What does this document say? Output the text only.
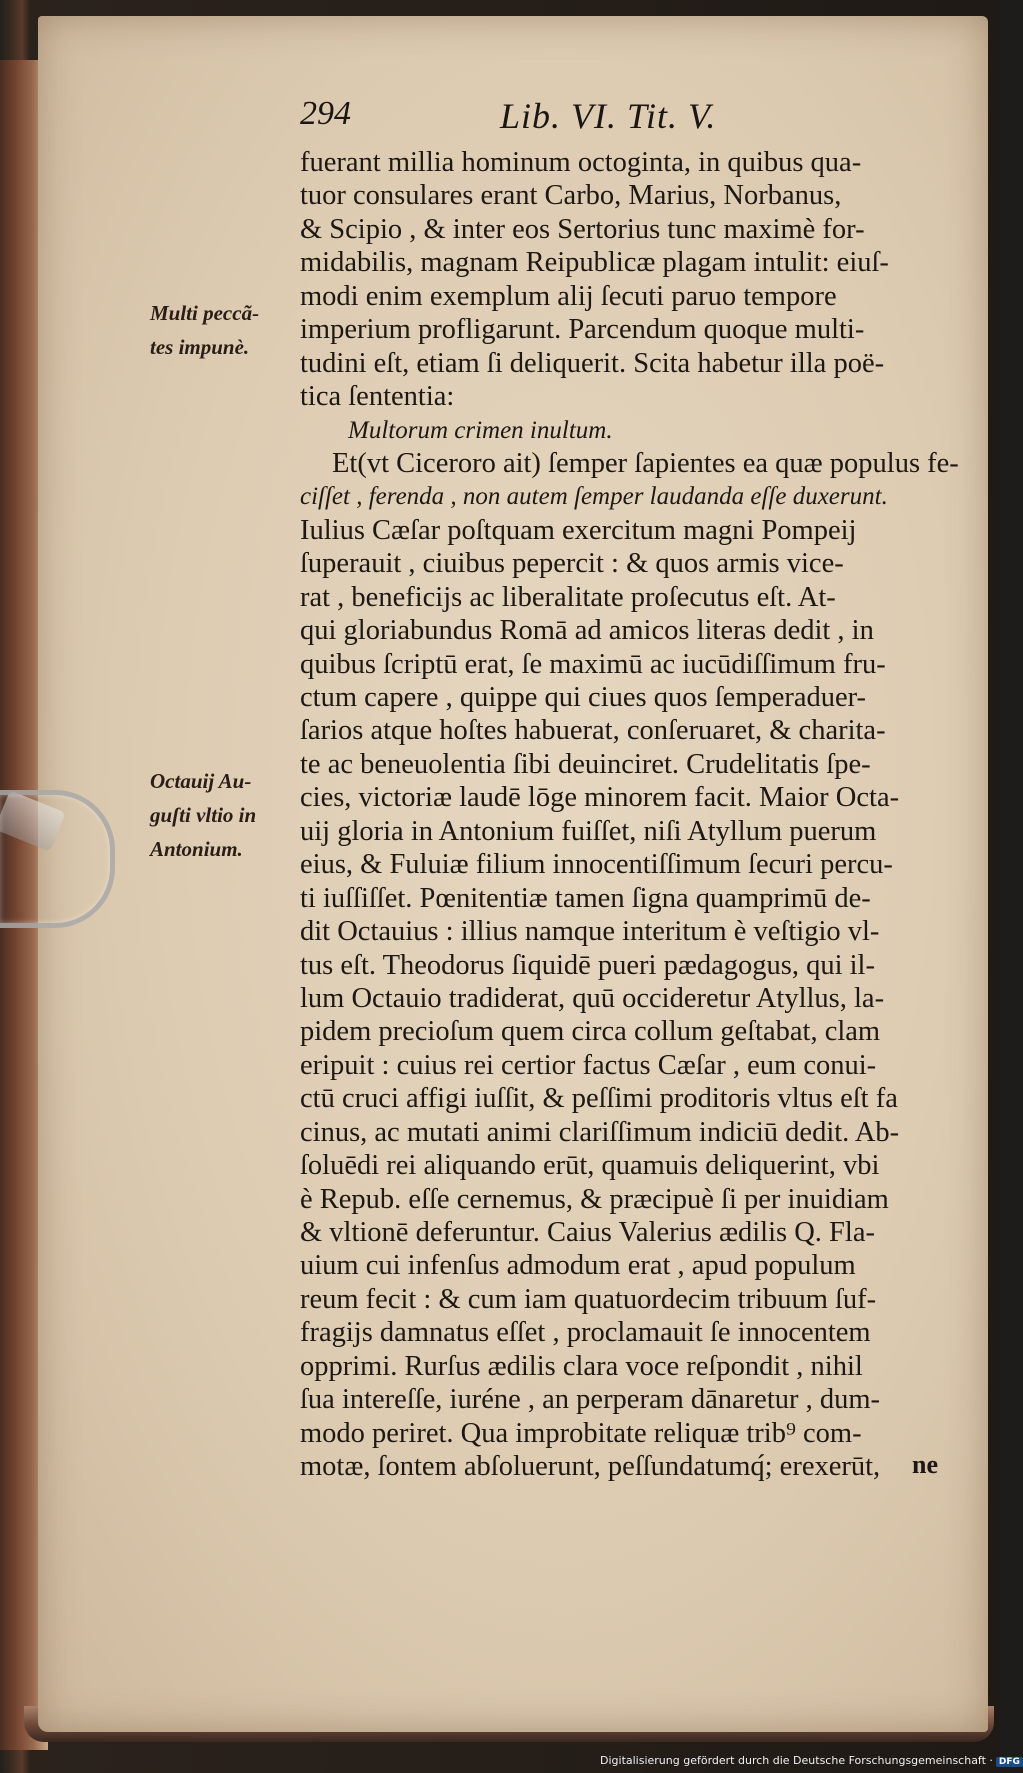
294	Lib. VI. Tit. V.
Multi peccã-
tes impunè.
Octauij Au-
guſti vltio in
Antonium.
fuerant millia hominum octoginta, in quibus qua-
tuor consulares erant Carbo, Marius, Norbanus,
& Scipio , & inter eos Sertorius tunc maximè for-
midabilis, magnam Reipublicæ plagam intulit: eiuſ-
modi enim exemplum alij ſecuti paruo tempore
imperium profligarunt. Parcendum quoque multi-
tudini eſt, etiam ſi deliquerit. Scita habetur illa poë-
tica ſententia:
Multorum crimen inultum.
Et(vt Ciceroro ait) ſemper ſapientes ea quæ populus fe-
ciſſet , ferenda , non autem ſemper laudanda eſſe duxerunt.
Iulius Cæſar poſtquam exercitum magni Pompeij
ſuperauit , ciuibus pepercit : & quos armis vice-
rat , beneficijs ac liberalitate proſecutus eſt. At-
qui gloriabundus Romā ad amicos literas dedit , in
quibus ſcriptū erat, ſe maximū ac iucūdiſſimum fru-
ctum capere , quippe qui ciues quos ſemperaduer-
ſarios atque hoſtes habuerat, conſeruaret, & charita-
te ac beneuolentia ſibi deuinciret. Crudelitatis ſpe-
cies, victoriæ laudē lōge minorem facit. Maior Octa-
uij gloria in Antonium fuiſſet, niſi Atyllum puerum
eius, & Fuluiæ filium innocentiſſimum ſecuri percu-
ti iuſſiſſet. Pœnitentiæ tamen ſigna quamprimū de-
dit Octauius : illius namque interitum è veſtigio vl-
tus eſt. Theodorus ſiquidē pueri pædagogus, qui il-
lum Octauio tradiderat, quū occideretur Atyllus, la-
pidem precioſum quem circa collum geſtabat, clam
eripuit : cuius rei certior factus Cæſar , eum conui-
ctū cruci affigi iuſſit, & peſſimi proditoris vltus eſt fa
cinus, ac mutati animi clariſſimum indiciū dedit. Ab-
ſoluēdi rei aliquando erūt, quamuis deliquerint, vbi
è Repub. eſſe cernemus, & præcipuè ſi per inuidiam
& vltionē deferuntur. Caius Valerius ædilis Q. Fla-
uium cui infenſus admodum erat , apud populum
reum fecit : & cum iam quatuordecim tribuum ſuf-
fragijs damnatus eſſet , proclamauit ſe innocentem
opprimi. Rurſus ædilis clara voce reſpondit , nihil
ſua intereſſe, iuréne , an perperam dānaretur , dum-
modo periret. Qua improbitate reliquæ trib⁹ com-
motæ, ſontem abſoluerunt, peſſundatumq́; erexerūt,	ne
Digitalisierung gefördert durch die Deutsche Forschungsgemeinschaft · DFG
